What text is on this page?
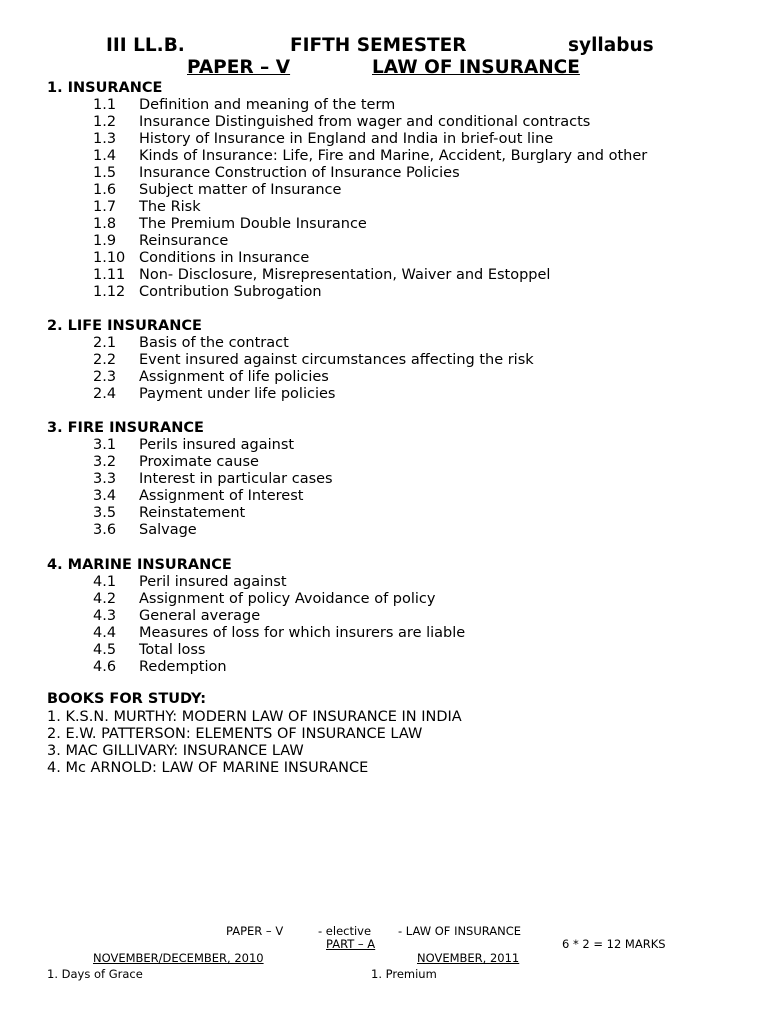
III LL.B.	FIFTH SEMESTER	syllabus
PAPER – V	LAW OF INSURANCE
1. INSURANCE
1.1 Definition and meaning of the term
1.2 Insurance Distinguished from wager and conditional contracts
1.3 History of Insurance in England and India in brief-out line
1.4 Kinds of Insurance: Life, Fire and Marine, Accident, Burglary and other
1.5 Insurance Construction of Insurance Policies
1.6 Subject matter of Insurance
1.7 The Risk
1.8 The Premium Double Insurance
1.9 Reinsurance
1.10 Conditions in Insurance
1.11 Non- Disclosure, Misrepresentation, Waiver and Estoppel
1.12 Contribution Subrogation
2. LIFE INSURANCE
2.1 Basis of the contract
2.2 Event insured against circumstances affecting the risk
2.3 Assignment of life policies
2.4 Payment under life policies
3. FIRE INSURANCE
3.1 Perils insured against
3.2 Proximate cause
3.3 Interest in particular cases
3.4 Assignment of Interest
3.5 Reinstatement
3.6 Salvage
4. MARINE INSURANCE
4.1 Peril insured against
4.2 Assignment of policy Avoidance of policy
4.3 General average
4.4 Measures of loss for which insurers are liable
4.5 Total loss
4.6 Redemption
BOOKS FOR STUDY:
1. K.S.N. MURTHY: MODERN LAW OF INSURANCE IN INDIA
2. E.W. PATTERSON: ELEMENTS OF INSURANCE LAW
3. MAC GILLIVARY: INSURANCE LAW
4. Mc ARNOLD: LAW OF MARINE INSURANCE
PAPER – V	- elective - LAW OF INSURANCE
PART – A	6 * 2 = 12 MARKS
NOVEMBER/DECEMBER, 2010	NOVEMBER, 2011
1. Days of Grace	1. Premium
